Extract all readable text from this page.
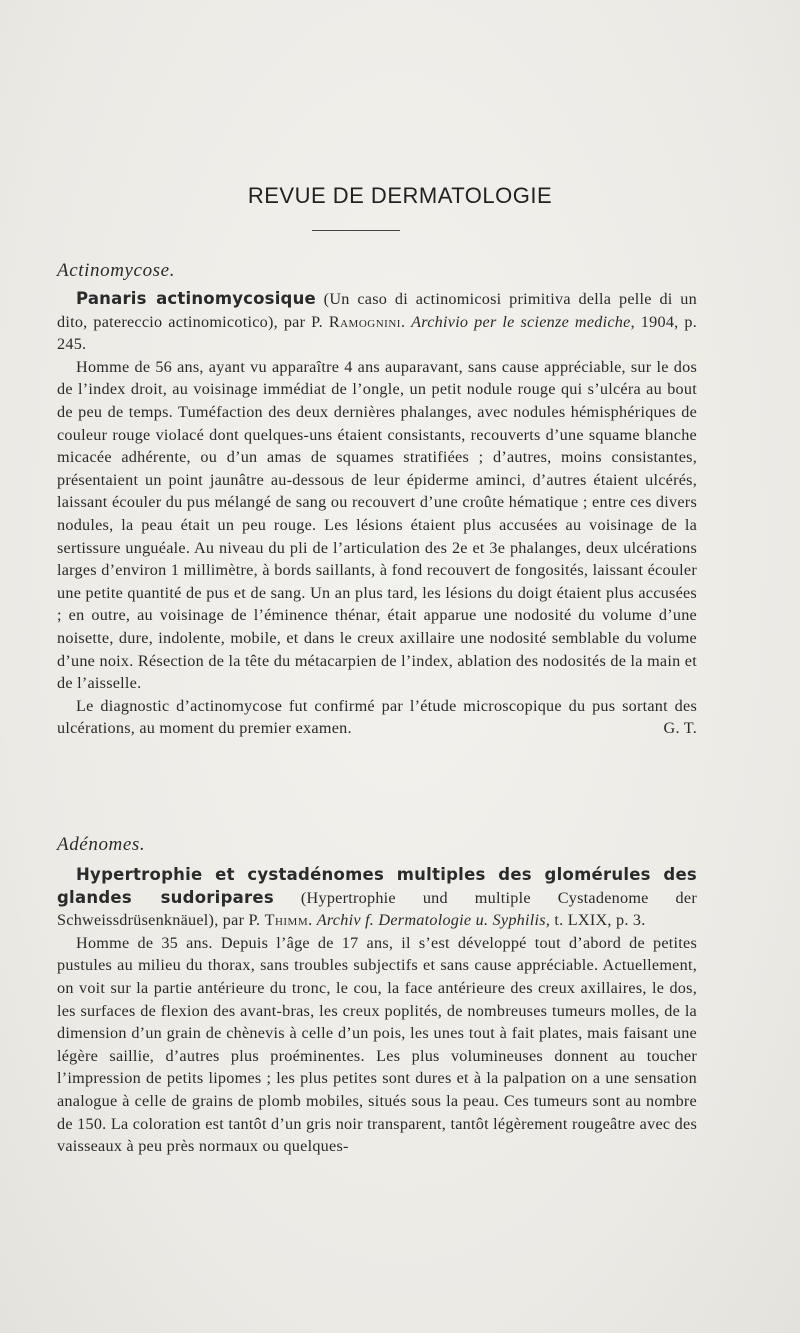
REVUE DE DERMATOLOGIE

Actinomycose.

Panaris actinomycosique (Un caso di actinomicosi primitiva della pelle di un dito, patereccio actinomicotico), par P. Ramognini. Archivio per le scienze mediche, 1904, p. 245.

Homme de 56 ans, ayant vu apparaître 4 ans auparavant, sans cause appréciable, sur le dos de l’index droit, au voisinage immédiat de l’ongle, un petit nodule rouge qui s’ulcéra au bout de peu de temps. Tuméfaction des deux dernières phalanges, avec nodules hémisphériques de couleur rouge violacé dont quelques-uns étaient consistants, recouverts d’une squame blanche micacée adhérente, ou d’un amas de squames stratifiées ; d’autres, moins consistantes, présentaient un point jaunâtre au-dessous de leur épiderme aminci, d’autres étaient ulcérés, laissant écouler du pus mélangé de sang ou recouvert d’une croûte hématique ; entre ces divers nodules, la peau était un peu rouge. Les lésions étaient plus accusées au voisinage de la sertissure unguéale. Au niveau du pli de l’articulation des 2e et 3e phalanges, deux ulcérations larges d’environ 1 millimètre, à bords saillants, à fond recouvert de fongosités, laissant écouler une petite quantité de pus et de sang. Un an plus tard, les lésions du doigt étaient plus accusées ; en outre, au voisinage de l’éminence thénar, était apparue une nodosité du volume d’une noisette, dure, indolente, mobile, et dans le creux axillaire une nodosité semblable du volume d’une noix. Résection de la tête du métacarpien de l’index, ablation des nodosités de la main et de l’aisselle.

Le diagnostic d’actinomycose fut confirmé par l’étude microscopique du pus sortant des ulcérations, au moment du premier examen.	G. T.

Adénomes.

Hypertrophie et cystadénomes multiples des glomérules des glandes sudoripares (Hypertrophie und multiple Cystadenome der Schweissdrüsenknäuel), par P. Thimm. Archiv f. Dermatologie u. Syphilis, t. LXIX, p. 3.

Homme de 35 ans. Depuis l’âge de 17 ans, il s’est développé tout d’abord de petites pustules au milieu du thorax, sans troubles subjectifs et sans cause appréciable. Actuellement, on voit sur la partie antérieure du tronc, le cou, la face antérieure des creux axillaires, le dos, les surfaces de flexion des avant-bras, les creux poplités, de nombreuses tumeurs molles, de la dimension d’un grain de chènevis à celle d’un pois, les unes tout à fait plates, mais faisant une légère saillie, d’autres plus proéminentes. Les plus volumineuses donnent au toucher l’impression de petits lipomes ; les plus petites sont dures et à la palpation on a une sensation analogue à celle de grains de plomb mobiles, situés sous la peau. Ces tumeurs sont au nombre de 150. La coloration est tantôt d’un gris noir transparent, tantôt légèrement rougeâtre avec des vaisseaux à peu près normaux ou quelques-
